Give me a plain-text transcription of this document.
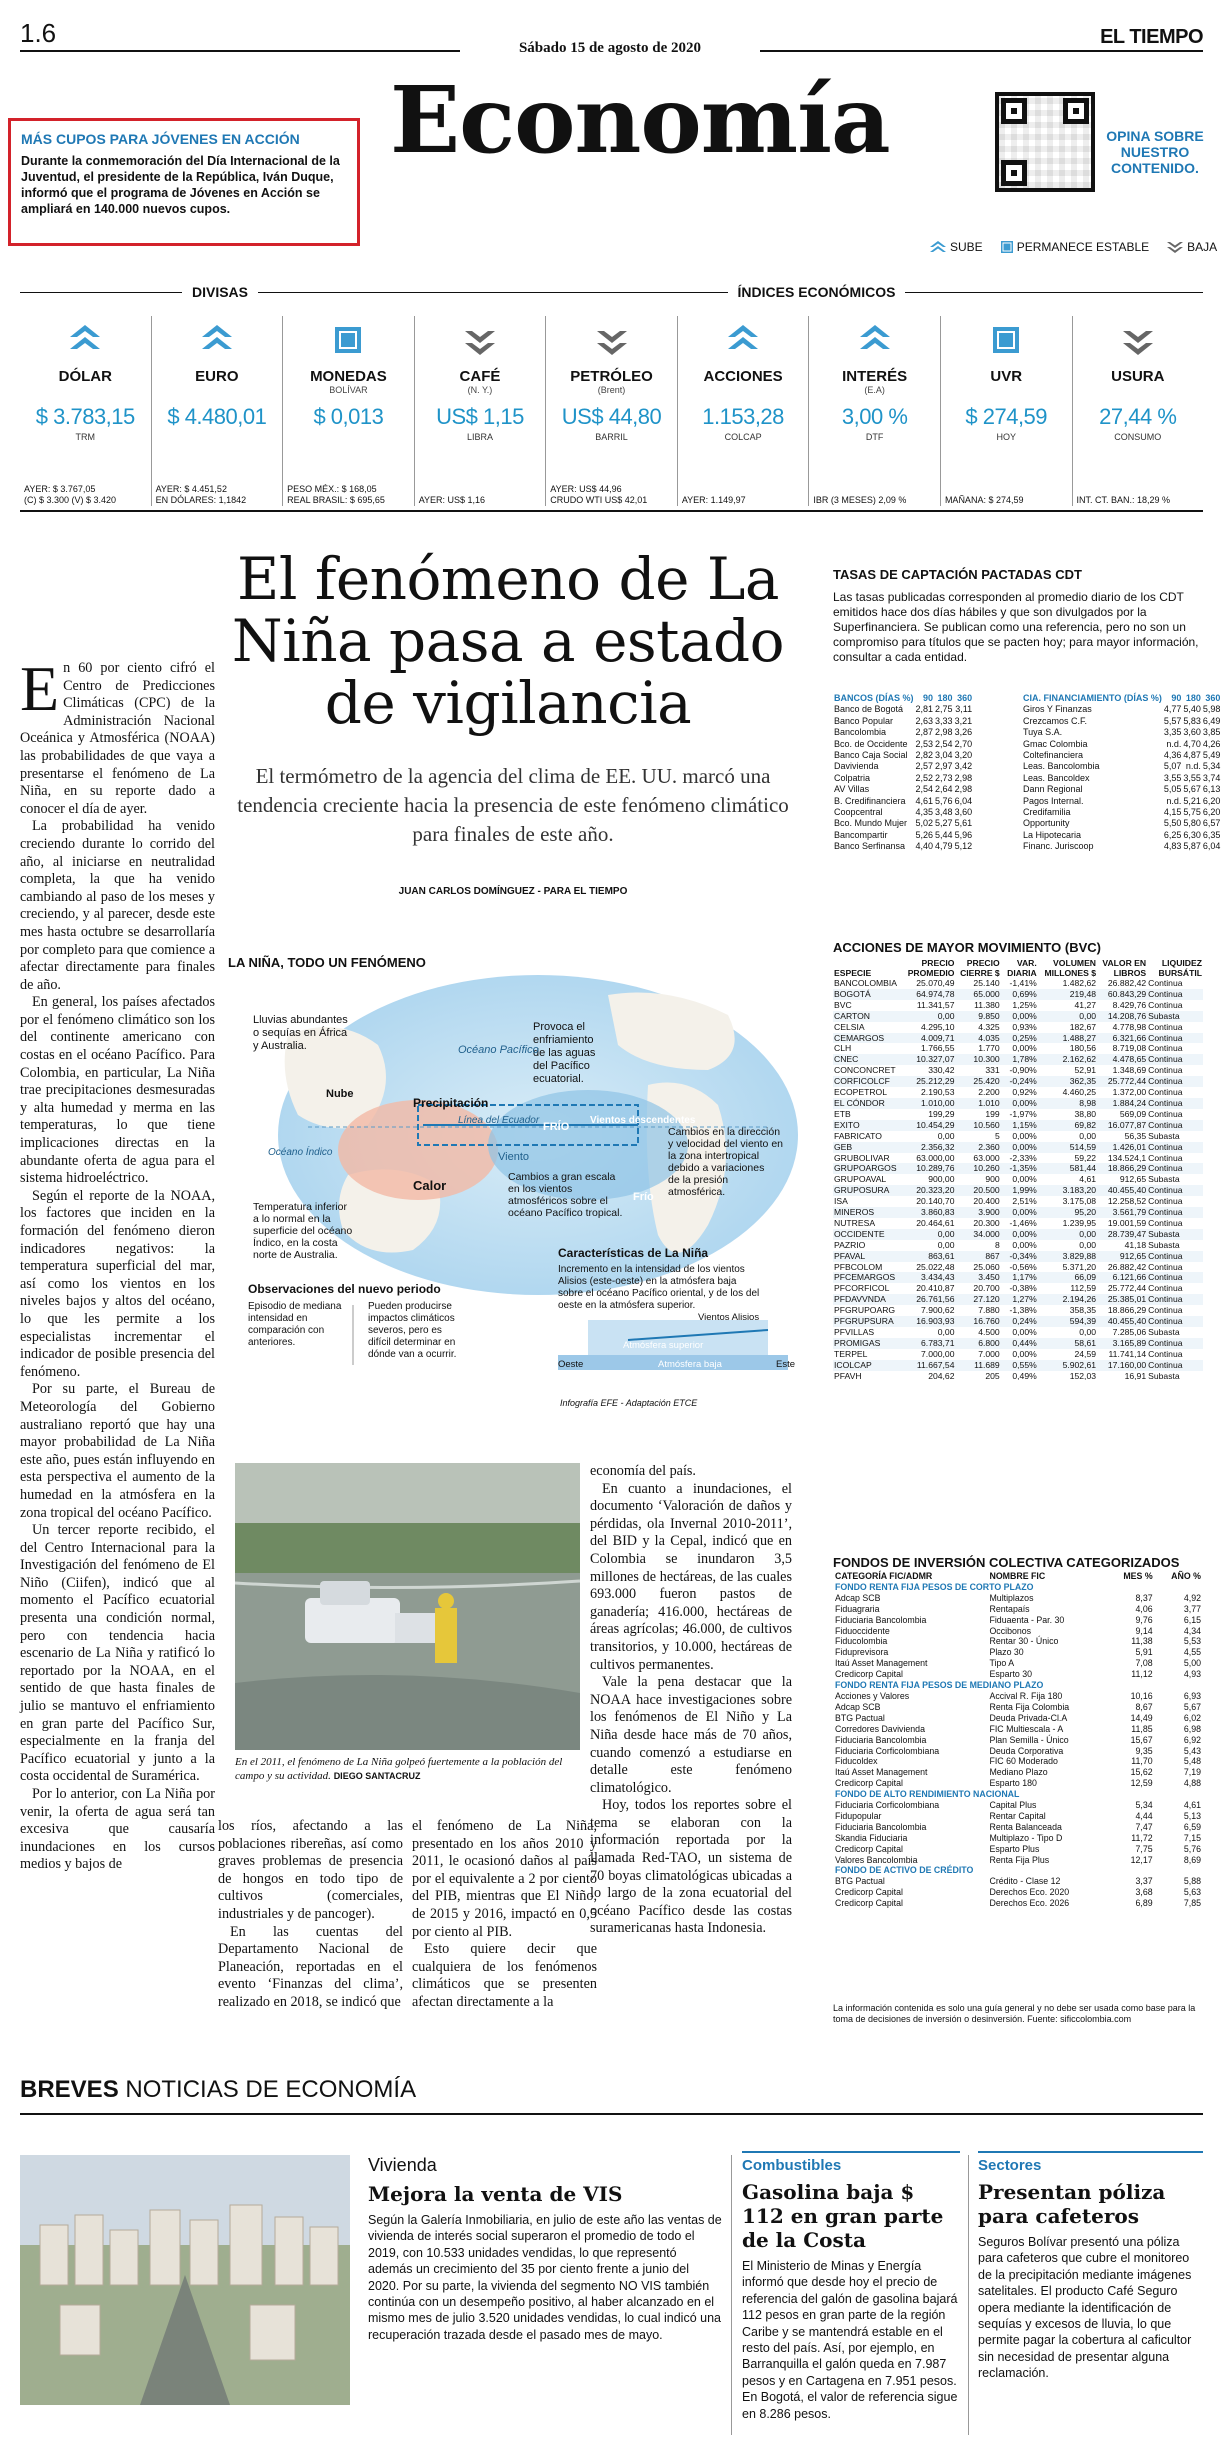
1.6	Sábado 15 de agosto de 2020	EL TIEMPO
MÁS CUPOS PARA JÓVENES EN ACCIÓN
Durante la conmemoración del Día Internacional de la Juventud, el presidente de la República, Iván Duque, informó que el programa de Jóvenes en Acción se ampliará en 140.000 nuevos cupos.
Economía	OPINA SOBRE NUESTRO CONTENIDO.
SUBE	PERMANECE ESTABLE	BAJA
DIVISAS	ÍNDICES ECONÓMICOS
DÓLAR
$ 3.783,15
TRM
AYER: $ 3.767,05
(C) $ 3.300 (V) $ 3.420
EURO
$ 4.480,01
AYER: $ 4.451,52
EN DÓLARES: 1,1842
MONEDAS
BOLÍVAR
$ 0,013
PESO MÉX.: $ 168,05
REAL BRASIL: $ 695,65
CAFÉ
(N. Y.)
US$ 1,15
LIBRA
AYER: US$ 1,16
PETRÓLEO
(Brent)
US$ 44,80
BARRIL
AYER: US$ 44,96
CRUDO WTI US$ 42,01
ACCIONES
1.153,28
COLCAP
AYER: 1.149,97
INTERÉS
(E.A)
3,00 %
DTF
IBR (3 MESES) 2,09 %
UVR
$ 274,59
HOY
MAÑANA: $ 274,59
USURA
27,44 %
CONSUMO
INT. CT. BAN.: 18,29 %
El fenómeno de La Niña pasa a estado de vigilancia
El termómetro de la agencia del clima de EE. UU. marcó una tendencia creciente hacia la presencia de este fenómeno climático para finales de este año.
JUAN CARLOS DOMÍNGUEZ - PARA EL TIEMPO
E n 60 por ciento cifró el Centro de Predicciones Climáticas (CPC) de la Administración Nacional Oceánica y Atmosférica (NOAA) las probabilidades de que vaya a presentarse el fenómeno de La Niña, en su reporte dado a conocer el día de ayer.

La probabilidad ha venido creciendo durante lo corrido del año, al iniciarse en neutralidad completa, la que ha venido cambiando al paso de los meses y creciendo, y al parecer, desde este mes hasta octubre se desarrollaría por completo para que comience a afectar directamente para finales de año.

En general, los países afectados por el fenómeno climático son los del continente americano con costas en el océano Pacífico. Para Colombia, en particular, La Niña trae precipitaciones desmesuradas y alta humedad y merma en las temperaturas, lo que tiene implicaciones directas en la abundante oferta de agua para el sistema hidroeléctrico.

Según el reporte de la NOAA, los factores que inciden en la formación del fenómeno dieron indicadores negativos: la temperatura superficial del mar, así como los vientos en los niveles bajos y altos del océano, lo que les permite a los especialistas incrementar el indicador de posible presencia del fenómeno.

Por su parte, el Bureau de Meteorología del Gobierno australiano reportó que hay una mayor probabilidad de La Niña este año, pues están influyendo en esta perspectiva el aumento de la humedad en la atmósfera en la zona tropical del océano Pacífico.

Un tercer reporte recibido, el del Centro Internacional para la Investigación del fenómeno de El Niño (Ciifen), indicó que al momento el Pacífico ecuatorial presenta una condición normal, pero con tendencia hacia escenario de La Niña y ratificó lo reportado por la NOAA, en el sentido de que hasta finales de julio se mantuvo el enfriamiento en gran parte del Pacífico Sur, especialmente en la franja del Pacífico ecuatorial y junto a la costa occidental de Suramérica.

Por lo anterior, con La Niña por venir, la oferta de agua será tan excesiva que causaría inundaciones en los cursos medios y bajos de

LA NIÑA, TODO UN FENÓMENO
Lluvias abundantes o sequías en África y Australia.
Provoca el enfriamiento de las aguas del Pacífico ecuatorial.
Océano Pacífico
Línea del Ecuador
Nube
Precipitación
FRÍO
Vientos descendentes
Viento
Calor
Océano Índico
Cambios en la dirección y velocidad del viento en la zona intertropical debido a variaciones de la presión atmosférica.
Cambios a gran escala en los vientos atmosféricos sobre el océano Pacífico tropical.
Frío
Temperatura inferior a lo normal en la superficie del océano Índico, en la costa norte de Australia.	Características de La Niña
Incremento en la intensidad de los vientos Alisios (este-oeste) en la atmósfera baja sobre el océano Pacífico oriental, y de los del oeste en la atmósfera superior.
Observaciones del nuevo periodo
Episodio de mediana intensidad en comparación con anteriores.
Pueden producirse impactos climáticos severos, pero es difícil determinar en dónde van a ocurrir.
Vientos Alisios
Atmósfera superior
Atmósfera baja
Oeste	Este
Infografía EFE - Adaptación ETCE
En el 2011, el fenómeno de La Niña golpeó fuertemente a la población del campo y su actividad. DIEGO SANTACRUZ

economía del país.

En cuanto a inundaciones, el documento ‘Valoración de daños y pérdidas, ola Invernal 2010-2011’, del BID y la Cepal, indicó que en Colombia se inundaron 3,5 millones de hectáreas, de las cuales 693.000 fueron pastos de ganadería; 416.000, hectáreas de áreas agrícolas; 46.000, de cultivos transitorios, y 10.000, hectáreas de cultivos permanentes.

Vale la pena destacar que la NOAA hace investigaciones sobre los fenómenos de El Niño y La Niña desde hace más de 70 años, cuando comenzó a estudiarse en detalle este fenómeno climatológico.

Hoy, todos los reportes sobre el tema se elaboran con la información reportada por la llamada Red-TAO, un sistema de 70 boyas climatológicas ubicadas a lo largo de la zona ecuatorial del océano Pacífico desde las costas suramericanas hasta Indonesia.

los ríos, afectando a las poblaciones ribereñas, así como graves problemas de presencia de hongos en todo tipo de cultivos (comerciales, industriales y de pancoger).

En las cuentas del Departamento Nacional de Planeación, reportadas en el evento ‘Finanzas del clima’, realizado en 2018, se indicó que

el fenómeno de La Niña, presentado en los años 2010 y 2011, le ocasionó daños al país por el equivalente a 2 por ciento del PIB, mientras que El Niño, de 2015 y 2016, impactó en 0,5 por ciento al PIB.

Esto quiere decir que cualquiera de los fenómenos climáticos que se presenten afectan directamente a la

TASAS DE CAPTACIÓN PACTADAS CDT
Las tasas publicadas corresponden al promedio diario de los CDT emitidos hace dos días hábiles y que son divulgados por la Superfinanciera. Se publican como una referencia, pero no son un compromiso para títulos que se pacten hoy; para mayor información, consultar a cada entidad.
BANCOS (DÍAS %)	90	180	360
Banco de Bogotá	2,81	2,75	3,11
Banco Popular	2,63	3,33	3,21
Bancolombia	2,87	2,98	3,26
Bco. de Occidente	2,53	2,54	2,70
Banco Caja Social	2,82	3,04	3,20
Davivienda	2,57	2,97	3,42
Colpatria	2,52	2,73	2,98
AV Villas	2,54	2,64	2,98
B. Credifinanciera	4,61	5,76	6,04
Coopcentral	4,35	3,48	3,60
Bco. Mundo Mujer	5,02	5,27	5,61
Bancompartir	5,26	5,44	5,96
Banco Serfinansa	4,40	4,79	5,12
CIA. FINANCIAMIENTO (DÍAS %)	90	180	360
Giros Y Finanzas	4,77	5,40	5,98
Crezcamos C.F.	5,57	5,83	6,49
Tuya S.A.	3,35	3,60	3,85
Gmac Colombia	n.d.	4,70	4,26
Coltefinanciera	4,36	4,87	5,49
Leas. Bancolombia	5,07	n.d.	5,34
Leas. Bancoldex	3,55	3,55	3,74
Dann Regional	5,05	5,67	6,13
Pagos Internal.	n.d.	5,21	6,20
Credifamilia	4,15	5,75	6,20
Opportunity	5,50	5,80	6,57
La Hipotecaria	6,25	6,30	6,35
Financ. Juriscoop	4,83	5,87	6,04
ACCIONES DE MAYOR MOVIMIENTO (BVC)
ESPECIE	PRECIO PROMEDIO	PRECIO CIERRE $	VAR. DIARIA	VOLUMEN MILLONES $	VALOR EN LIBROS	LIQUIDEZ BURSÁTIL
BANCOLOMBIA	25.070,49	25.140	-1,41%	1.482,62	26.882,42	Continua
BOGOTÁ	64.974,78	65.000	0,69%	219,48	60.843,29	Continua
BVC	11.341,57	11.380	1,25%	41,27	8.429,76	Continua
CARTON	0,00	9.850	0,00%	0,00	14.208,76	Subasta
CELSIA	4.295,10	4.325	0,93%	182,67	4.778,98	Continua
CEMARGOS	4.009,71	4.035	0,25%	1.488,27	6.321,66	Continua
CLH	1.766,55	1.770	0,00%	180,56	8.719,08	Continua
CNEC	10.327,07	10.300	1,78%	2.162,62	4.478,65	Continua
CONCONCRET	330,42	331	-0,90%	52,91	1.348,69	Continua
CORFICOLCF	25.212,29	25.420	-0,24%	362,35	25.772,44	Continua
ECOPETROL	2.190,53	2.200	0,92%	4.460,25	1.372,00	Continua
EL CÓNDOR	1.010,00	1.010	0,00%	8,98	1.884,24	Continua
ETB	199,29	199	-1,97%	38,80	569,09	Continua
EXITO	10.454,29	10.560	1,15%	69,82	16.077,87	Continua
FABRICATO	0,00	5	0,00%	0,00	56,35	Subasta
GEB	2.356,32	2.360	0,00%	514,59	1.426,01	Continua
GRUBOLIVAR	63.000,00	63.000	-2,33%	59,22	134.524,1	Continua
GRUPOARGOS	10.289,76	10.260	-1,35%	581,44	18.866,29	Continua
GRUPOAVAL	900,00	900	0,00%	4,61	912,65	Subasta
GRUPOSURA	20.323,20	20.500	1,99%	3.183,20	40.455,40	Continua
ISA	20.140,70	20.400	2,51%	3.175,08	12.258,52	Continua
MINEROS	3.860,83	3.900	0,00%	95,20	3.561,79	Continua
NUTRESA	20.464,61	20.300	-1,46%	1.239,95	19.001,59	Continua
OCCIDENTE	0,00	34.000	0,00%	0,00	28.739,47	Subasta
PAZRIO	0,00	8	0,00%	0,00	41,18	Subasta
PFAVAL	863,61	867	-0,34%	3.829,88	912,65	Continua
PFBCOLOM	25.022,48	25.060	-0,56%	5.371,20	26.882,42	Continua
PFCEMARGOS	3.434,43	3.450	1,17%	66,09	6.121,66	Continua
PFCORFICOL	20.410,87	20.700	-0,38%	112,59	25.772,44	Continua
PFDAVVNDA	26.761,56	27.120	1,27%	2.194,26	25.385,01	Continua
PFGRUPOARG	7.900,62	7.880	-1,38%	358,35	18.866,29	Continua
PFGRUPSURA	16.903,93	16.760	0,24%	594,39	40.455,40	Continua
PFVILLAS	0,00	4.500	0,00%	0,00	7.285,06	Subasta
PROMIGAS	6.783,71	6.800	0,44%	58,61	3.165,89	Continua
TERPEL	7.000,00	7.000	0,00%	24,59	11.741,14	Continua
ICOLCAP	11.667,54	11.689	0,55%	5.902,61	17.160,00	Continua
PFAVH	204,62	205	0,49%	152,03	16,91	Subasta
FONDOS DE INVERSIÓN COLECTIVA CATEGORIZADOS
CATEGORÍA FIC/ADMR	NOMBRE FIC	MES %	AÑO %
FONDO RENTA FIJA PESOS DE CORTO PLAZO			
Adcap SCB	Multiplazos	8,37	4,92
Fiduagraria	Rentapaís	4,06	3,77
Fiduciaria Bancolombia	Fiduaenta - Par. 30	9,76	6,15
Fiduoccidente	Occibonos	9,14	4,34
Fiducolombia	Rentar 30 - Único	11,38	5,53
Fiduprevisora	Plazo 30	5,91	4,55
Itaú Asset Management	Tipo A	7,08	5,00
Credicorp Capital	Esparto 30	11,12	4,93
FONDO RENTA FIJA PESOS DE MEDIANO PLAZO			
Acciones y Valores	Accival R. Fija 180	10,16	6,93
Adcap SCB	Renta Fija Colombia	8,67	5,67
BTG Pactual	Deuda Privada-Cl.A	14,49	6,02
Corredores Davivienda	FIC Multiescala - A	11,85	6,98
Fiduciaria Bancolombia	Plan Semilla - Único	15,67	6,92
Fiduciaria Corficolombiana	Deuda Corporativa	9,35	5,43
Fiducoldex	FIC 60 Moderado	11,70	5,48
Itaú Asset Management	Mediano Plazo	15,62	7,19
Credicorp Capital	Esparto 180	12,59	4,88
FONDO DE ALTO RENDIMIENTO NACIONAL			
Fiduciaria Corficolombiana	Capital Plus	5,34	4,61
Fidupopular	Rentar Capital	4,44	5,13
Fiduciaria Bancolombia	Renta Balanceada	7,47	6,59
Skandia Fiduciaria	Multiplazo - Tipo D	11,72	7,15
Credicorp Capital	Esparto Plus	7,75	5,76
Valores Bancolombia	Renta Fija Plus	12,17	8,69
FONDO DE ACTIVO DE CRÉDITO			
BTG Pactual	Crédito - Clase 12	3,37	5,88
Credicorp Capital	Derechos Eco. 2020	3,68	5,63
Credicorp Capital	Derechos Eco. 2026	6,89	7,85
La información contenida es solo una guía general y no debe ser usada como base para la toma de decisiones de inversión o desinversión. Fuente: sificcolombia.com
BREVES NOTICIAS DE ECONOMÍA
Vivienda
Mejora la venta de VIS
Según la Galería Inmobiliaria, en julio de este año las ventas de vivienda de interés social superaron el promedio de todo el 2019, con 10.533 unidades vendidas, lo que representó además un crecimiento del 35 por ciento frente a junio del 2020. Por su parte, la vivienda del segmento NO VIS también continúa con un desempeño positivo, al haber alcanzado en el mismo mes de julio 3.520 unidades vendidas, lo cual indicó una recuperación trazada desde el pasado mes de mayo.
Combustibles
Gasolina baja $ 112 en gran parte de la Costa
El Ministerio de Minas y Energía informó que desde hoy el precio de referencia del galón de gasolina bajará 112 pesos en gran parte de la región Caribe y se mantendrá estable en el resto del país. Así, por ejemplo, en Barranquilla el galón queda en 7.987 pesos y en Cartagena en 7.951 pesos. En Bogotá, el valor de referencia sigue en 8.286 pesos.
Sectores
Presentan póliza para cafeteros
Seguros Bolívar presentó una póliza para cafeteros que cubre el monitoreo de la precipitación mediante imágenes satelitales. El producto Café Seguro opera mediante la identificación de sequías y excesos de lluvia, lo que permite pagar la cobertura al caficultor sin necesidad de presentar alguna reclamación.
